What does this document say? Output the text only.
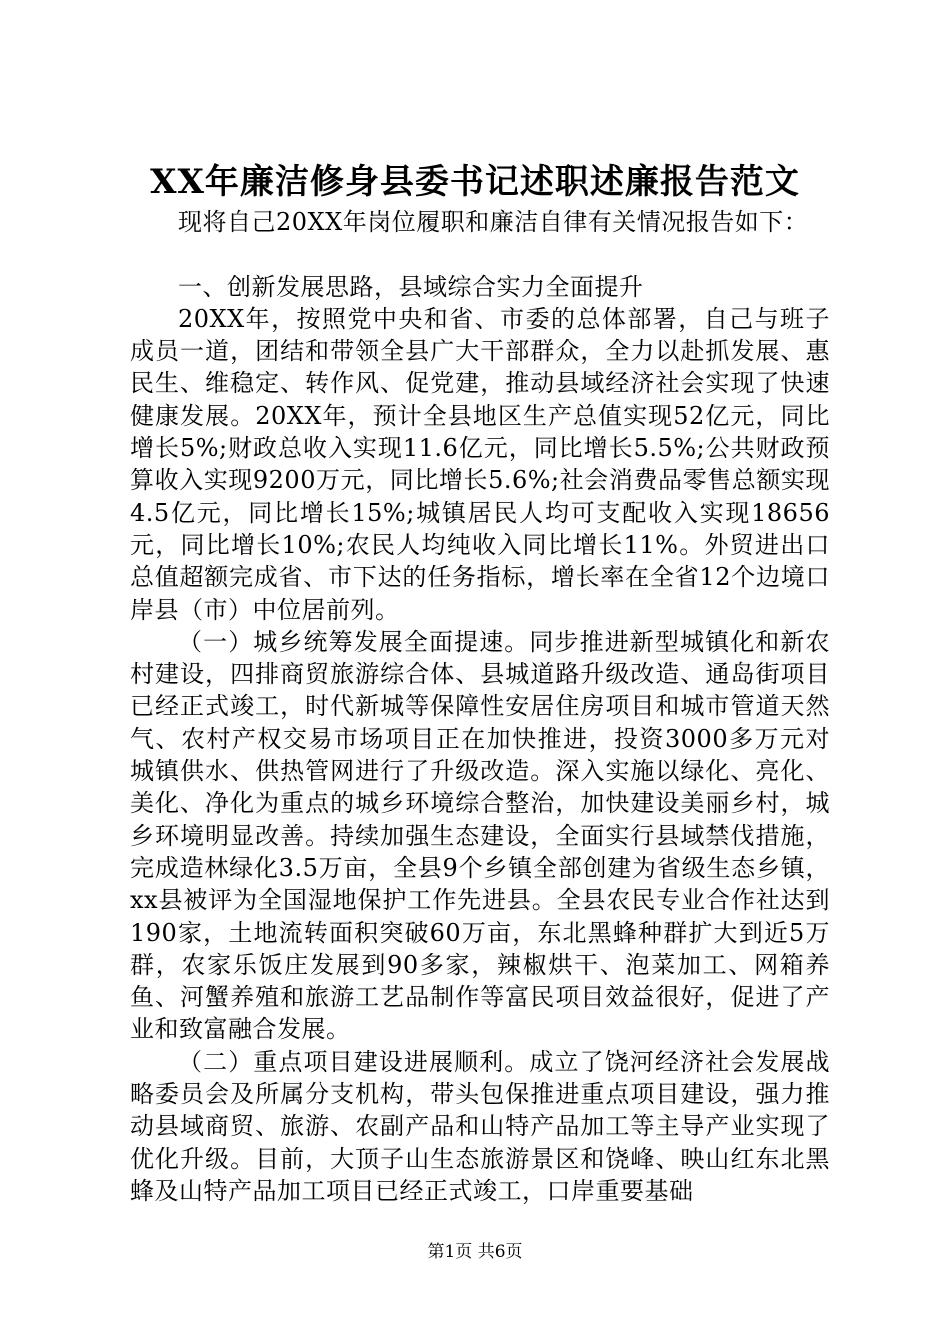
XX年廉洁修身县委书记述职述廉报告范文

现将自己20XX年岗位履职和廉洁自律有关情况报告如下：

一、创新发展思路，县域综合实力全面提升

20XX年，按照党中央和省、市委的总体部署，自己与班子成员一道，团结和带领全县广大干部群众，全力以赴抓发展、惠民生、维稳定、转作风、促党建，推动县域经济社会实现了快速健康发展。20XX年，预计全县地区生产总值实现52亿元，同比增长5%;财政总收入实现11.6亿元，同比增长5.5%;公共财政预算收入实现9200万元，同比增长5.6%;社会消费品零售总额实现4.5亿元，同比增长15%;城镇居民人均可支配收入实现18656元，同比增长10%;农民人均纯收入同比增长11%。外贸进出口总值超额完成省、市下达的任务指标，增长率在全省12个边境口岸县（市）中位居前列。

（一）城乡统筹发展全面提速。同步推进新型城镇化和新农村建设，四排商贸旅游综合体、县城道路升级改造、通岛街项目已经正式竣工，时代新城等保障性安居住房项目和城市管道天然气、农村产权交易市场项目正在加快推进，投资3000多万元对城镇供水、供热管网进行了升级改造。深入实施以绿化、亮化、美化、净化为重点的城乡环境综合整治，加快建设美丽乡村，城乡环境明显改善。持续加强生态建设，全面实行县域禁伐措施，完成造林绿化3.5万亩，全县9个乡镇全部创建为省级生态乡镇，xx县被评为全国湿地保护工作先进县。全县农民专业合作社达到190家，土地流转面积突破60万亩，东北黑蜂种群扩大到近5万群，农家乐饭庄发展到90多家，辣椒烘干、泡菜加工、网箱养鱼、河蟹养殖和旅游工艺品制作等富民项目效益很好，促进了产业和致富融合发展。

（二）重点项目建设进展顺利。成立了饶河经济社会发展战略委员会及所属分支机构，带头包保推进重点项目建设，强力推动县域商贸、旅游、农副产品和山特产品加工等主导产业实现了优化升级。目前，大顶子山生态旅游景区和饶峰、映山红东北黑蜂及山特产品加工项目已经正式竣工，口岸重要基础

第1页 共6页
